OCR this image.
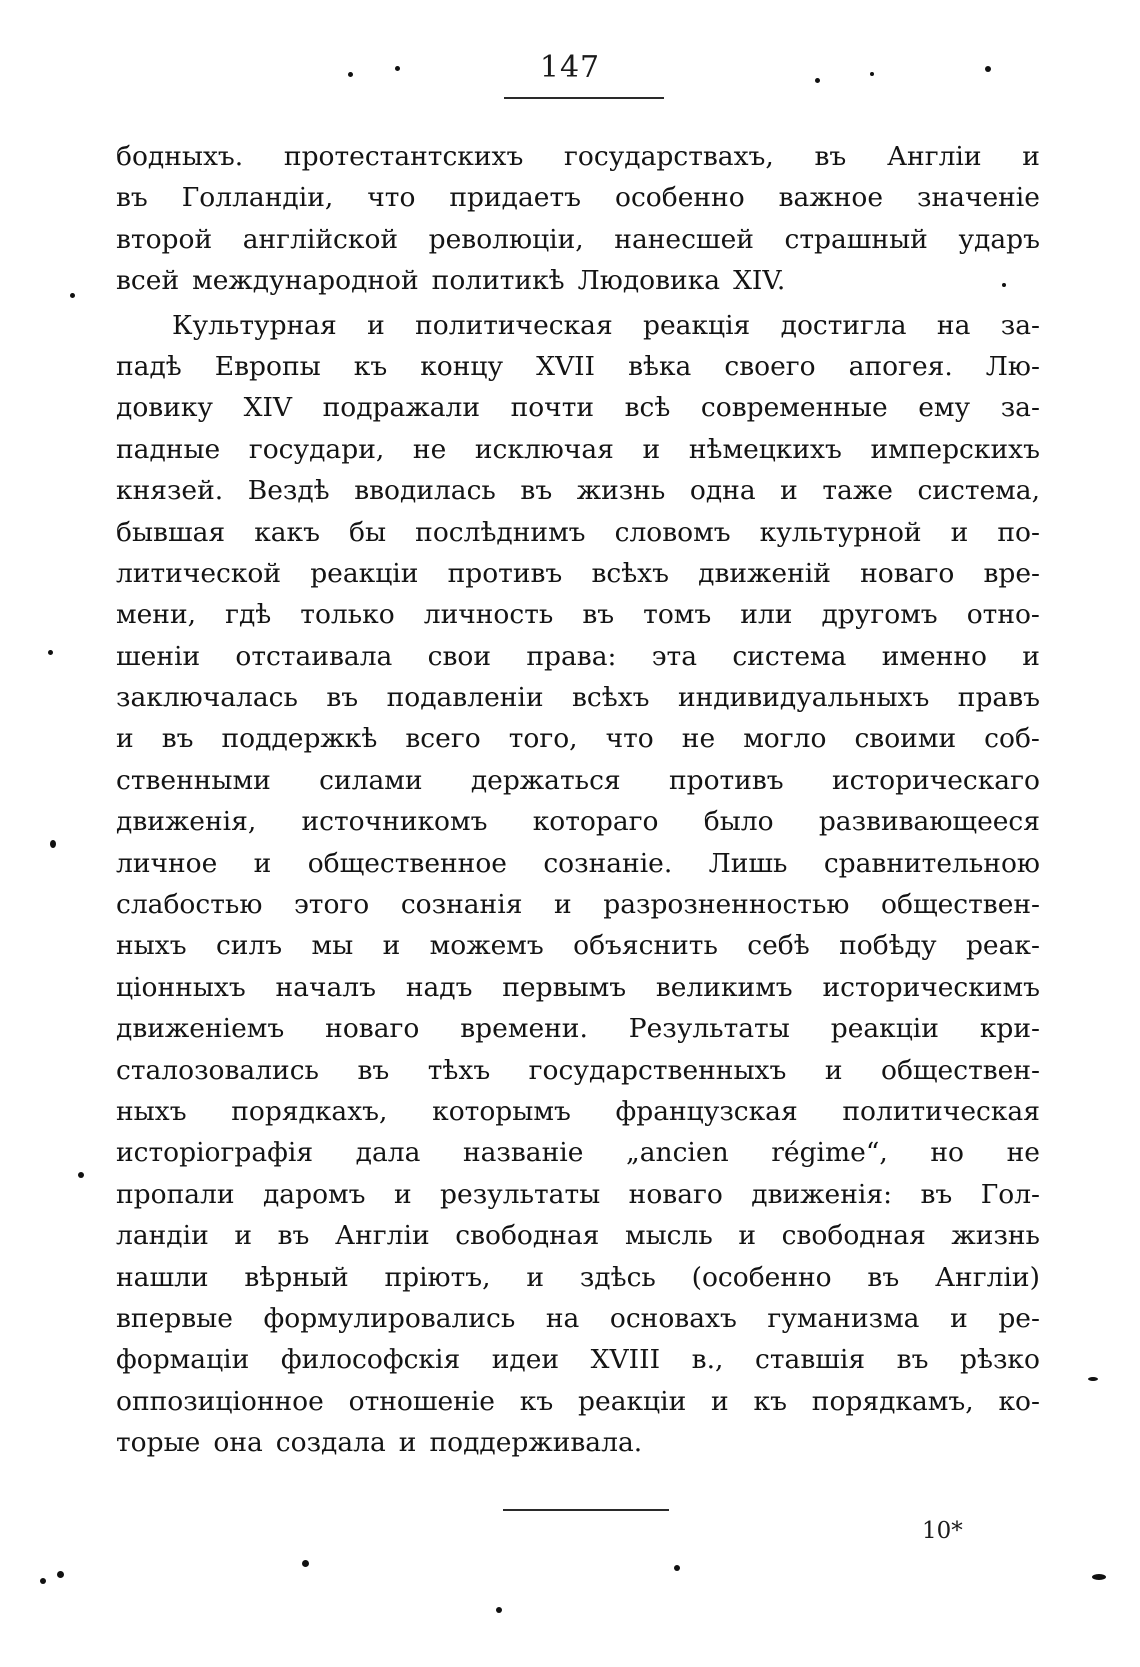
147
бодныхъ. протестантскихъ государствахъ, въ Англіи и
въ Голландіи, что придаетъ особенно важное значеніе
второй англійской революціи, нанесшей страшный ударъ
всей международной политикѣ Людовика XIV.
Культурная и политическая реакція достигла на за-
падѣ Европы къ концу XVII вѣка своего апогея. Лю-
довику XIV подражали почти всѣ современные ему за-
падные государи, не исключая и нѣмецкихъ имперскихъ
князей. Вездѣ вводилась въ жизнь одна и таже система,
бывшая какъ бы послѣднимъ словомъ культурной и по-
литической реакціи противъ всѣхъ движеній новаго вре-
мени, гдѣ только личность въ томъ или другомъ отно-
шеніи отстаивала свои права: эта система именно и
заключалась въ подавленіи всѣхъ индивидуальныхъ правъ
и въ поддержкѣ всего того, что не могло своими соб-
ственными силами держаться противъ историческаго
движенія, источникомъ котораго было развивающееся
личное и общественное сознаніе. Лишь сравнительною
слабостью этого сознанія и разрозненностью обществен-
ныхъ силъ мы и можемъ объяснить себѣ побѣду реак-
ціонныхъ началъ надъ первымъ великимъ историческимъ
движеніемъ новаго времени. Результаты реакціи кри-
сталозовались въ тѣхъ государственныхъ и обществен-
ныхъ порядкахъ, которымъ французская политическая
исторіографія дала названіе „ancien régime“, но не
пропали даромъ и результаты новаго движенія: въ Гол-
ландіи и въ Англіи свободная мысль и свободная жизнь
нашли вѣрный пріютъ, и здѣсь (особенно въ Англіи)
впервые формулировались на основахъ гуманизма и ре-
формаціи философскія идеи XVIII в., ставшія въ рѣзко
оппозиціонное отношеніе къ реакціи и къ порядкамъ, ко-
торые она создала и поддерживала.
10*
